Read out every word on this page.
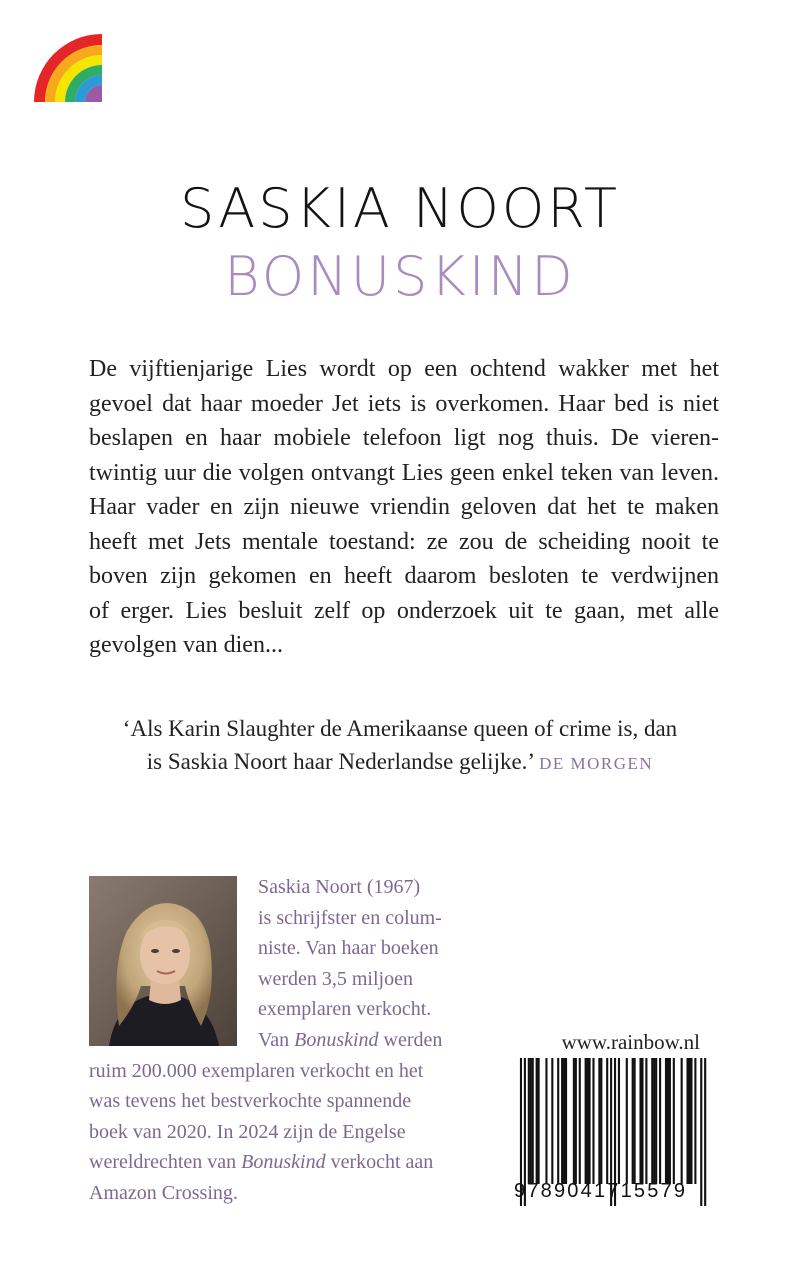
SASKIA NOORT
BONUSKIND
De vijftienjarige Lies wordt op een ochtend wakker met het
gevoel dat haar moeder Jet iets is overkomen. Haar bed is niet
beslapen en haar mobiele telefoon ligt nog thuis. De vieren-
twintig uur die volgen ontvangt Lies geen enkel teken van leven.
Haar vader en zijn nieuwe vriendin geloven dat het te maken
heeft met Jets mentale toestand: ze zou de scheiding nooit te
boven zijn gekomen en heeft daarom besloten te verdwijnen
of erger. Lies besluit zelf op onderzoek uit te gaan, met alle
gevolgen van dien...
‘Als Karin Slaughter de Amerikaanse queen of crime is, dan
is Saskia Noort haar Nederlandse gelijke.’ DE MORGEN
Saskia Noort (1967)
is schrijfster en colum-
niste. Van haar boeken
werden 3,5 miljoen
exemplaren verkocht.
Van Bonuskind werden
ruim 200.000 exemplaren verkocht en het
was tevens het bestverkochte spannende
boek van 2020. In 2024 zijn de Engelse
wereldrechten van Bonuskind verkocht aan
Amazon Crossing.
www.rainbow.nl
9789041715579
